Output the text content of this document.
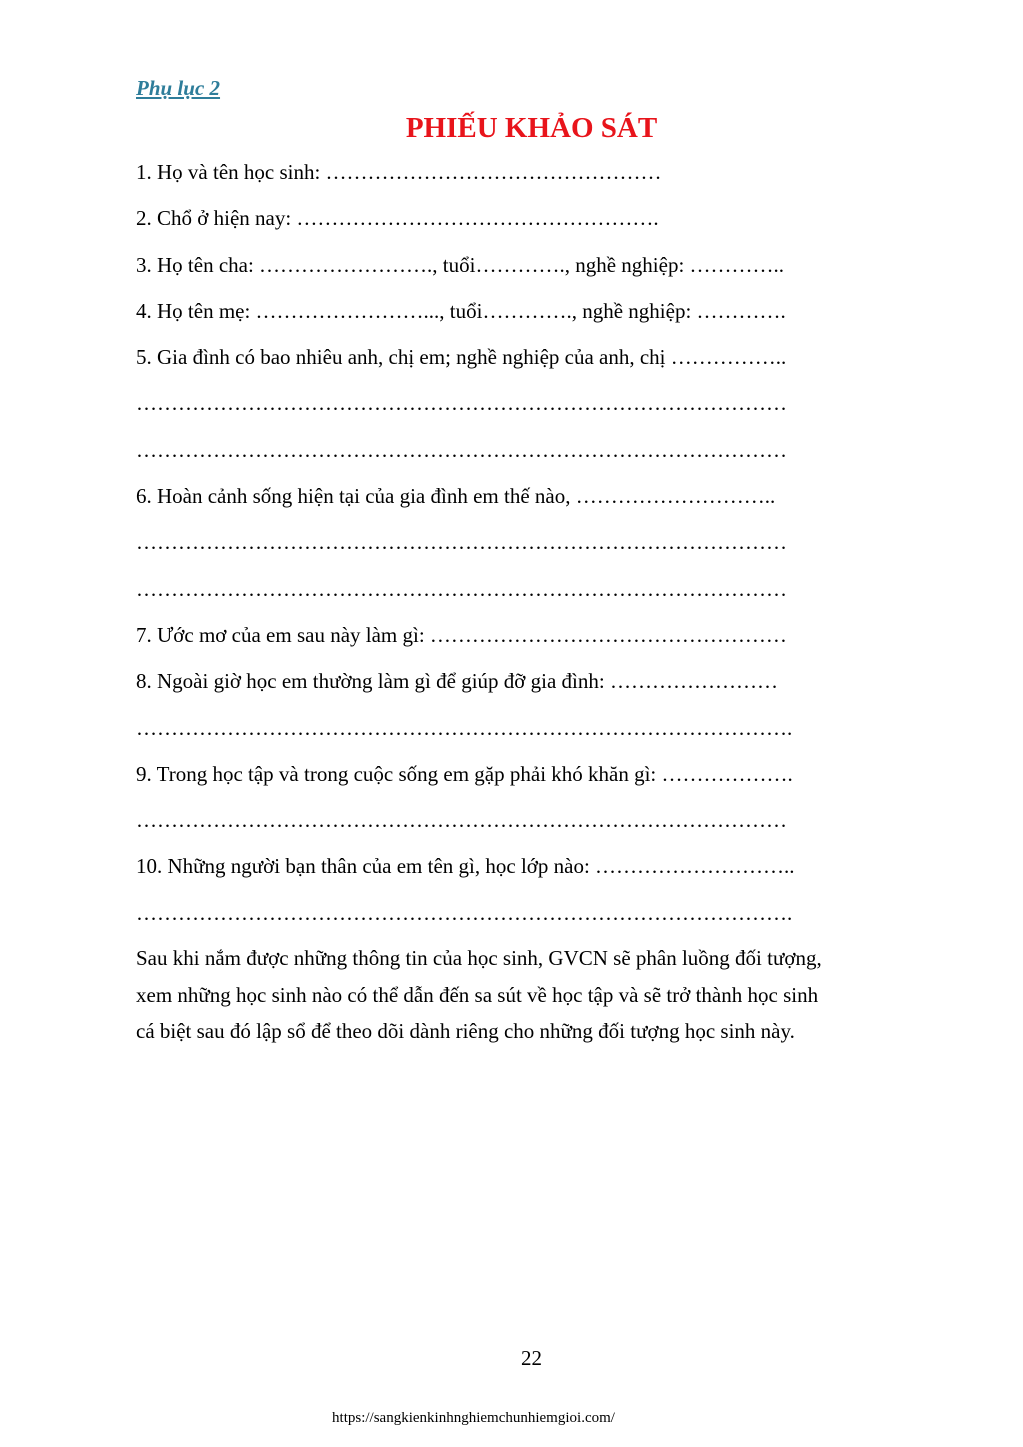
Phụ lục 2
PHIẾU KHẢO SÁT
1. Họ và tên học sinh: …………………………………………
2. Chổ ở hiện nay: …………………………………………….
3. Họ tên cha: ……………………., tuổi…………., nghề nghiệp: …………..
4. Họ tên mẹ: ……………………..., tuổi…………., nghề nghiệp: ………….
5. Gia đình có bao nhiêu anh, chị em; nghề nghiệp của anh, chị ……………..
…………………………………………………………………………………
…………………………………………………………………………………
6. Hoàn cảnh sống hiện tại của gia đình em thế nào, ………………………..
…………………………………………………………………………………
…………………………………………………………………………………
7. Ước mơ của em sau này làm gì: ……………………………………………
8. Ngoài giờ học em thường làm gì để giúp đỡ gia đình: ……………………
………………………………………………………………………………….
9. Trong học tập và trong cuộc sống em gặp phải khó khăn gì: ……………….
…………………………………………………………………………………
10. Những người bạn thân của em tên gì, học lớp nào: ………………………..
………………………………………………………………………………….
Sau khi nắm được những thông tin của học sinh, GVCN sẽ phân luồng đối tượng,
xem những học sinh nào có thể dẫn đến sa sút về học tập và sẽ trở thành học sinh
cá biệt sau đó lập sổ để theo dõi dành riêng cho những đối tượng học sinh này.
22
https://sangkienkinhnghiemchunhiemgioi.com/
